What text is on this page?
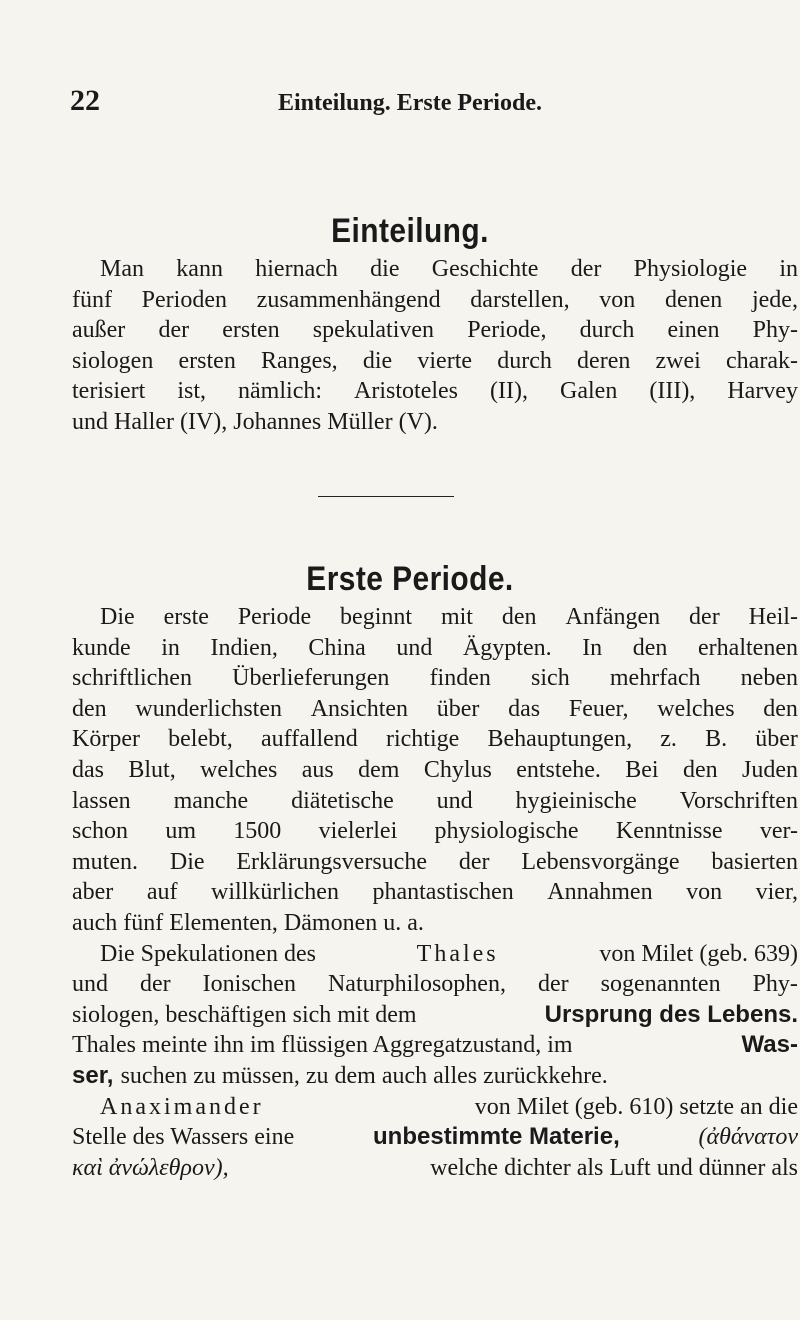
22	Einteilung. Erste Periode.
Einteilung.
Man kann hiernach die Geschichte der Physiologie in
fünf Perioden zusammenhängend darstellen, von denen jede,
außer der ersten spekulativen Periode, durch einen Phy-
siologen ersten Ranges, die vierte durch deren zwei charak-
terisiert ist, nämlich: Aristoteles (II), Galen (III), Harvey
und Haller (IV), Johannes Müller (V).
Erste Periode.
Die erste Periode beginnt mit den Anfängen der Heil-
kunde in Indien, China und Ägypten. In den erhaltenen
schriftlichen Überlieferungen finden sich mehrfach neben
den wunderlichsten Ansichten über das Feuer, welches den
Körper belebt, auffallend richtige Behauptungen, z. B. über
das Blut, welches aus dem Chylus entstehe. Bei den Juden
lassen manche diätetische und hygieinische Vorschriften
schon um 1500 vielerlei physiologische Kenntnisse ver-
muten. Die Erklärungsversuche der Lebensvorgänge basierten
aber auf willkürlichen phantastischen Annahmen von vier,
auch fünf Elementen, Dämonen u. a.
Die Spekulationen des	Thales	von Milet (geb. 639)
und der Ionischen Naturphilosophen, der sogenannten Phy-
siologen, beschäftigen sich mit dem	Ursprung des Lebens.
Thales meinte ihn im flüssigen Aggregatzustand, im	Was-
ser, suchen zu müssen, zu dem auch alles zurückkehre.
Anaximander	von Milet (geb. 610) setzte an die
Stelle des Wassers eine	unbestimmte Materie,	(ἀθάνατον
καὶ ἀνώλεθρον),	welche dichter als Luft und dünner als
